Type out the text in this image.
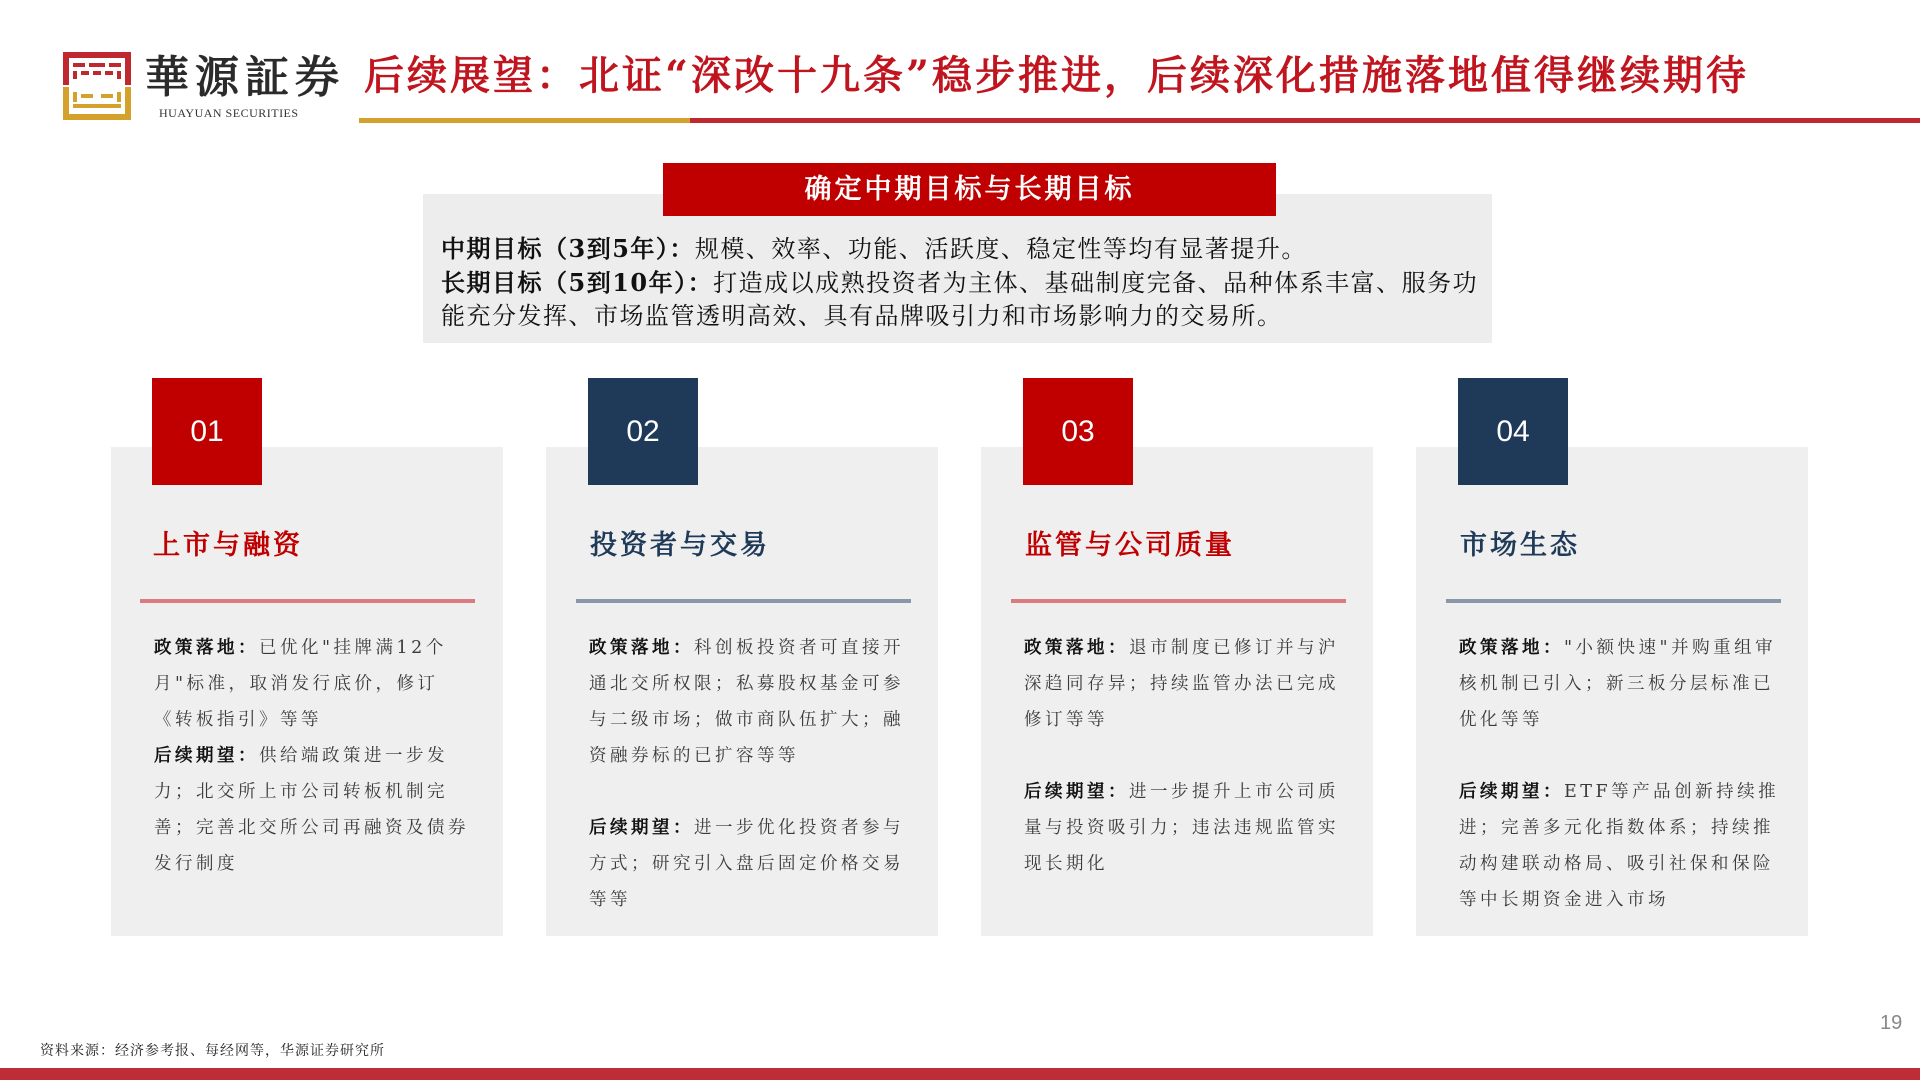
華源証券
HUAYUAN SECURITIES
后续展望：北证“深改十九条”稳步推进，后续深化措施落地值得继续期待
确定中期目标与长期目标
中期目标（3到5年）：规模、效率、功能、活跃度、稳定性等均有显著提升。
长期目标（5到10年）：打造成以成熟投资者为主体、基础制度完备、品种体系丰富、服务功能充分发挥、市场监管透明高效、具有品牌吸引力和市场影响力的交易所。
01
上市与融资

政策落地：已优化"挂牌满12个月"标准，取消发行底价，修订《转板指引》等等

后续期望：供给端政策进一步发力；北交所上市公司转板机制完善；完善北交所公司再融资及债券发行制度

02
投资者与交易

政策落地：科创板投资者可直接开通北交所权限；私募股权基金可参与二级市场；做市商队伍扩大；融资融券标的已扩容等等

后续期望：进一步优化投资者参与方式；研究引入盘后固定价格交易等等

03
监管与公司质量

政策落地：退市制度已修订并与沪深趋同存异；持续监管办法已完成修订等等

后续期望：进一步提升上市公司质量与投资吸引力；违法违规监管实现长期化

04
市场生态

政策落地："小额快速"并购重组审核机制已引入；新三板分层标准已优化等等

后续期望：ETF等产品创新持续推进；完善多元化指数体系；持续推动构建联动格局、吸引社保和保险等中长期资金进入市场

资料来源：经济参考报、每经网等，华源证券研究所
19
